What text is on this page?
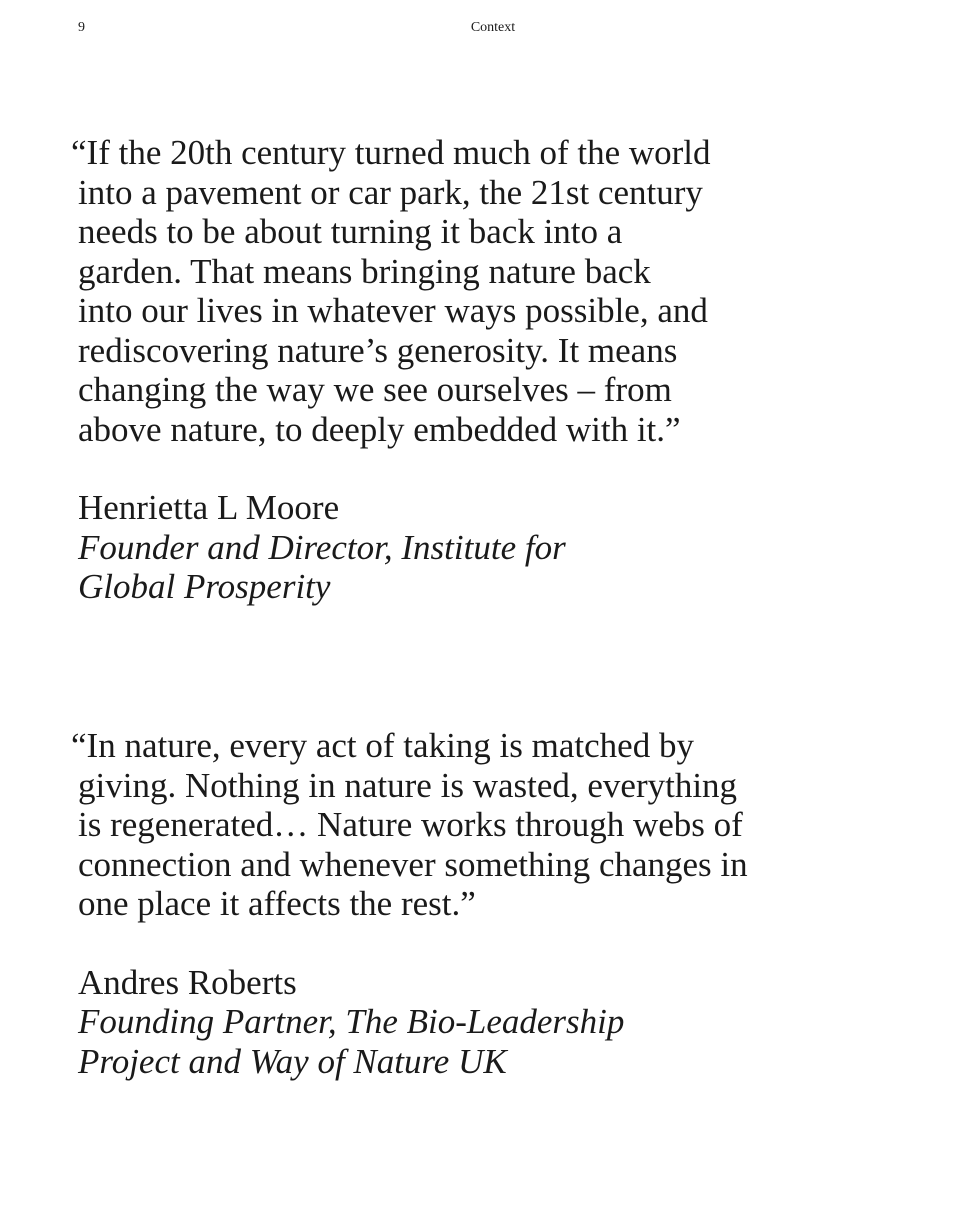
9	Context

“If the 20th century turned much of the world
into a pavement or car park, the 21st century
needs to be about turning it back into a
garden. That means bringing nature back
into our lives in whatever ways possible, and
rediscovering nature’s generosity. It means
changing the way we see ourselves – from
above nature, to deeply embedded with it.”

Henrietta L Moore
Founder and Director, Institute for
Global Prosperity

“In nature, every act of taking is matched by
giving. Nothing in nature is wasted, everything
is regenerated… Nature works through webs of
connection and whenever something changes in
one place it affects the rest.”

Andres Roberts
Founding Partner, The Bio-Leadership
Project and Way of Nature UK
